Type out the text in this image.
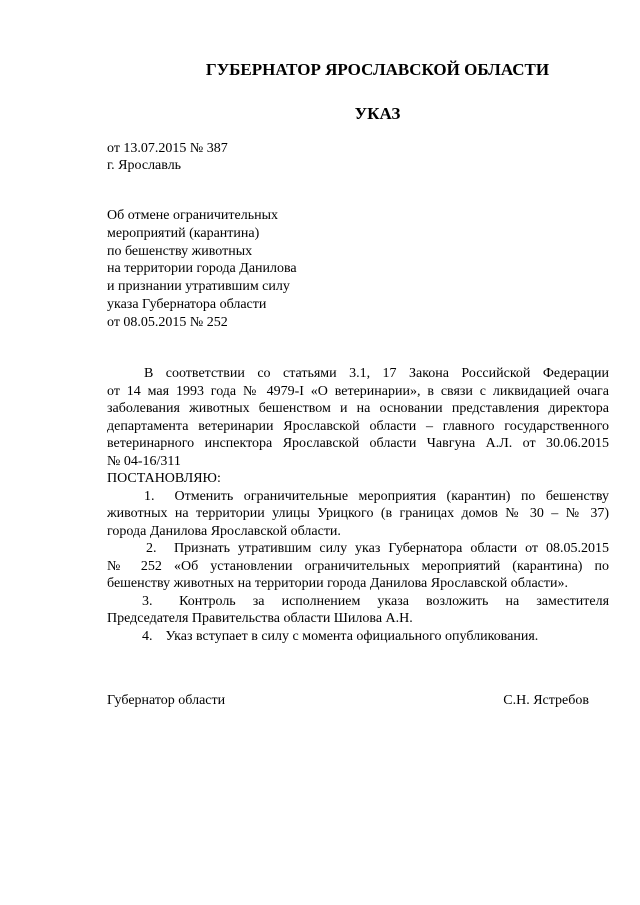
ГУБЕРНАТОР ЯРОСЛАВСКОЙ ОБЛАСТИ
УКАЗ
от 13.07.2015 № 387
г. Ярославль
Об отмене ограничительных
мероприятий (карантина)
по бешенству животных
на территории города Данилова
и признании утратившим силу
указа Губернатора области
от 08.05.2015 № 252
В соответствии со статьями 3.1, 17 Закона Российской Федерации
от 14 мая 1993 года № 4979-I «О ветеринарии», в связи с ликвидацией очага
заболевания животных бешенством и на основании представления директора
департамента ветеринарии Ярославской области – главного государственного
ветеринарного инспектора Ярославской области Чавгуна А.Л. от 30.06.2015
№ 04-16/311
ПОСТАНОВЛЯЮ:
1. Отменить ограничительные мероприятия (карантин) по бешенству
животных на территории улицы Урицкого (в границах домов № 30 – № 37)
города Данилова Ярославской области.
2. Признать утратившим силу указ Губернатора области от 08.05.2015
№ 252 «Об установлении ограничительных мероприятий (карантина) по
бешенству животных на территории города Данилова Ярославской области».
3. Контроль за исполнением указа возложить на заместителя
Председателя Правительства области Шилова А.Н.
4. Указ вступает в силу с момента официального опубликования.
Губернатор области	С.Н. Ястребов
